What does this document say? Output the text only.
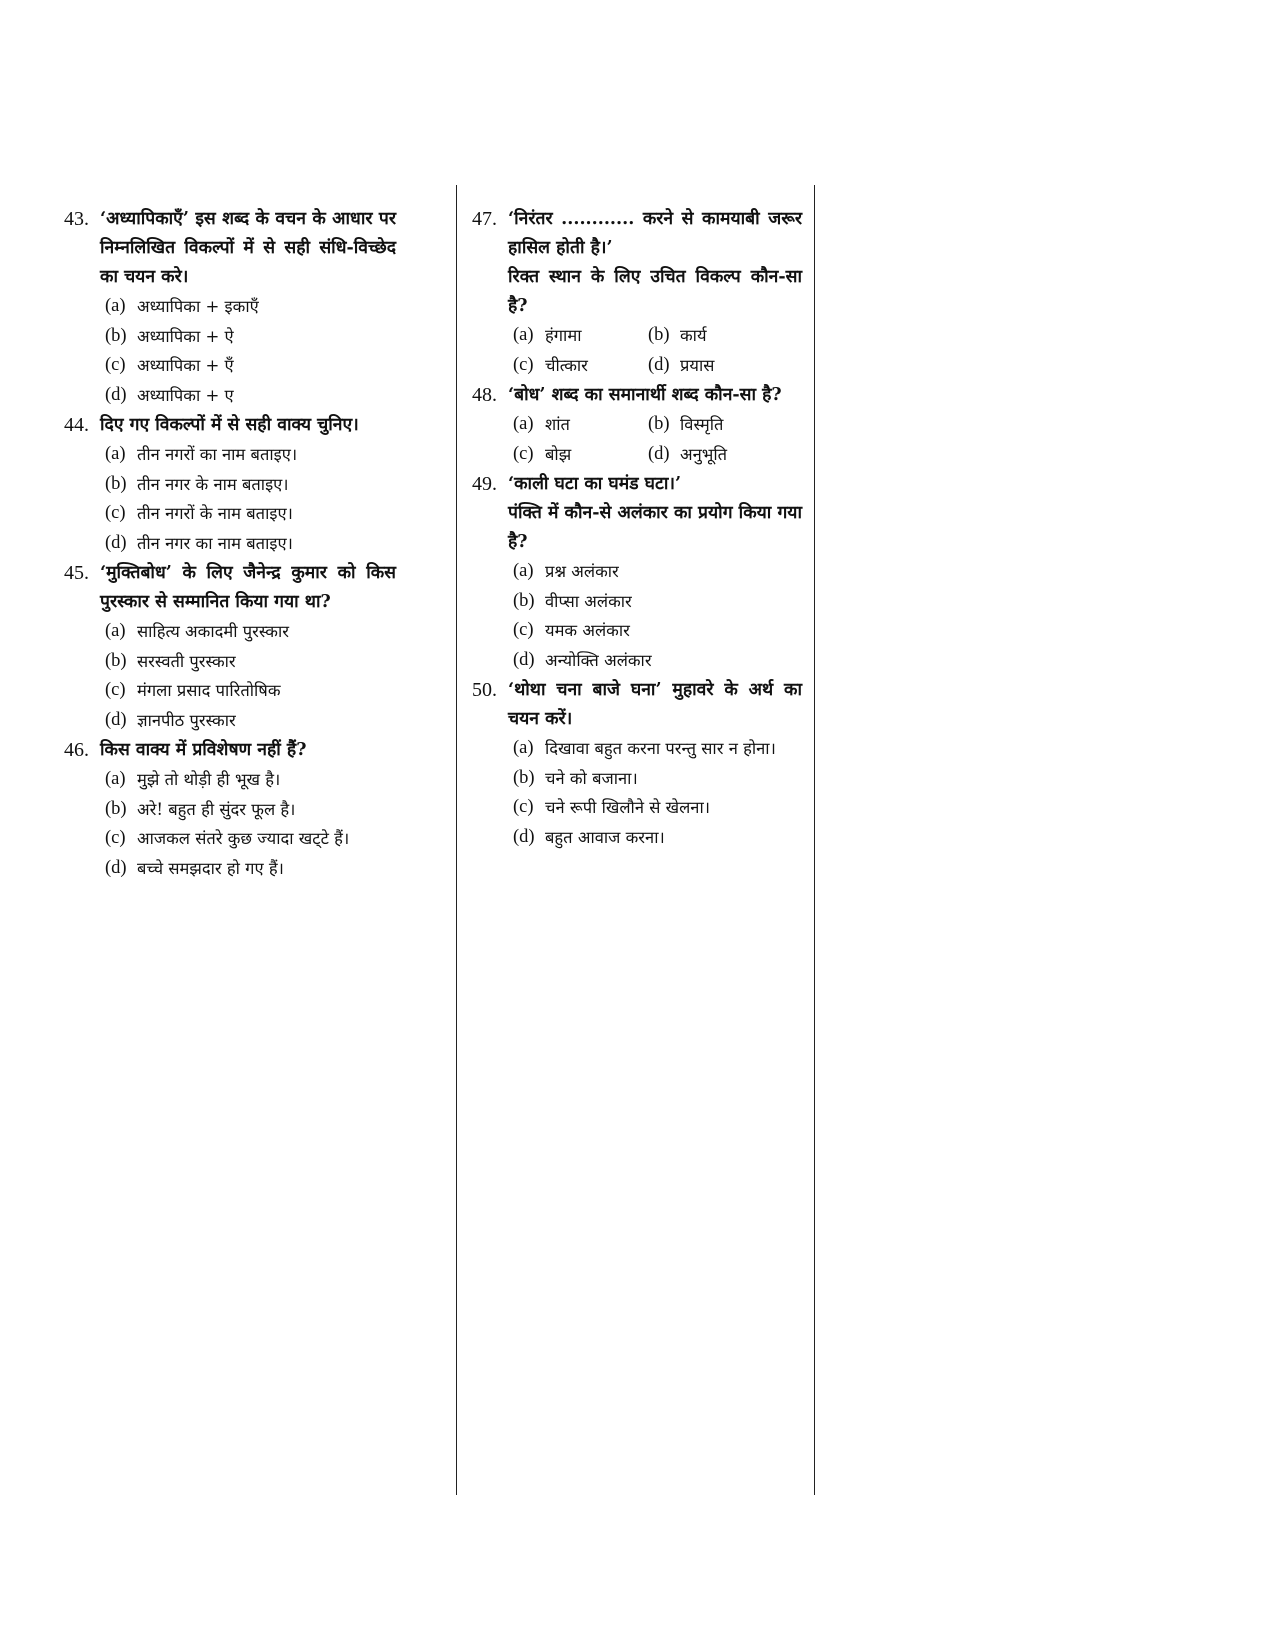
43. ‘अध्यापिकाएँ’ इस शब्द के वचन के आधार पर निम्नलिखित विकल्पों में से सही संधि-विच्छेद का चयन करे।
(a) अध्यापिका + इकाएँ
(b) अध्यापिका + ऐ
(c) अध्यापिका + एँ
(d) अध्यापिका + ए
44. दिए गए विकल्पों में से सही वाक्य चुनिए।
(a) तीन नगरों का नाम बताइए।
(b) तीन नगर के नाम बताइए।
(c) तीन नगरों के नाम बताइए।
(d) तीन नगर का नाम बताइए।
45. ‘मुक्तिबोध’ के लिए जैनेन्द्र कुमार को किस पुरस्कार से सम्मानित किया गया था?
(a) साहित्य अकादमी पुरस्कार
(b) सरस्वती पुरस्कार
(c) मंगला प्रसाद पारितोषिक
(d) ज्ञानपीठ पुरस्कार
46. किस वाक्य में प्रविशेषण नहीं हैं?
(a) मुझे तो थोड़ी ही भूख है।
(b) अरे! बहुत ही सुंदर फूल है।
(c) आजकल संतरे कुछ ज्यादा खट्‌टे हैं।
(d) बच्चे समझदार हो गए हैं।
47. ‘निरंतर ............ करने से कामयाबी जरूर हासिल होती है।’
रिक्त स्थान के लिए उचित विकल्प कौन-सा है?
(a) हंगामा	(b) कार्य
(c) चीत्कार	(d) प्रयास
48. ‘बोध’ शब्द का समानार्थी शब्द कौन-सा है?
(a) शांत	(b) विस्मृति
(c) बोझ	(d) अनुभूति
49. ‘काली घटा का घमंड घटा।’
पंक्ति में कौन-से अलंकार का प्रयोग किया गया है?
(a) प्रश्न अलंकार
(b) वीप्सा अलंकार
(c) यमक अलंकार
(d) अन्योक्ति अलंकार
50. ‘थोथा चना बाजे घना’ मुहावरे के अर्थ का चयन करें।
(a) दिखावा बहुत करना परन्तु सार न होना।
(b) चने को बजाना।
(c) चने रूपी खिलौने से खेलना।
(d) बहुत आवाज करना।
